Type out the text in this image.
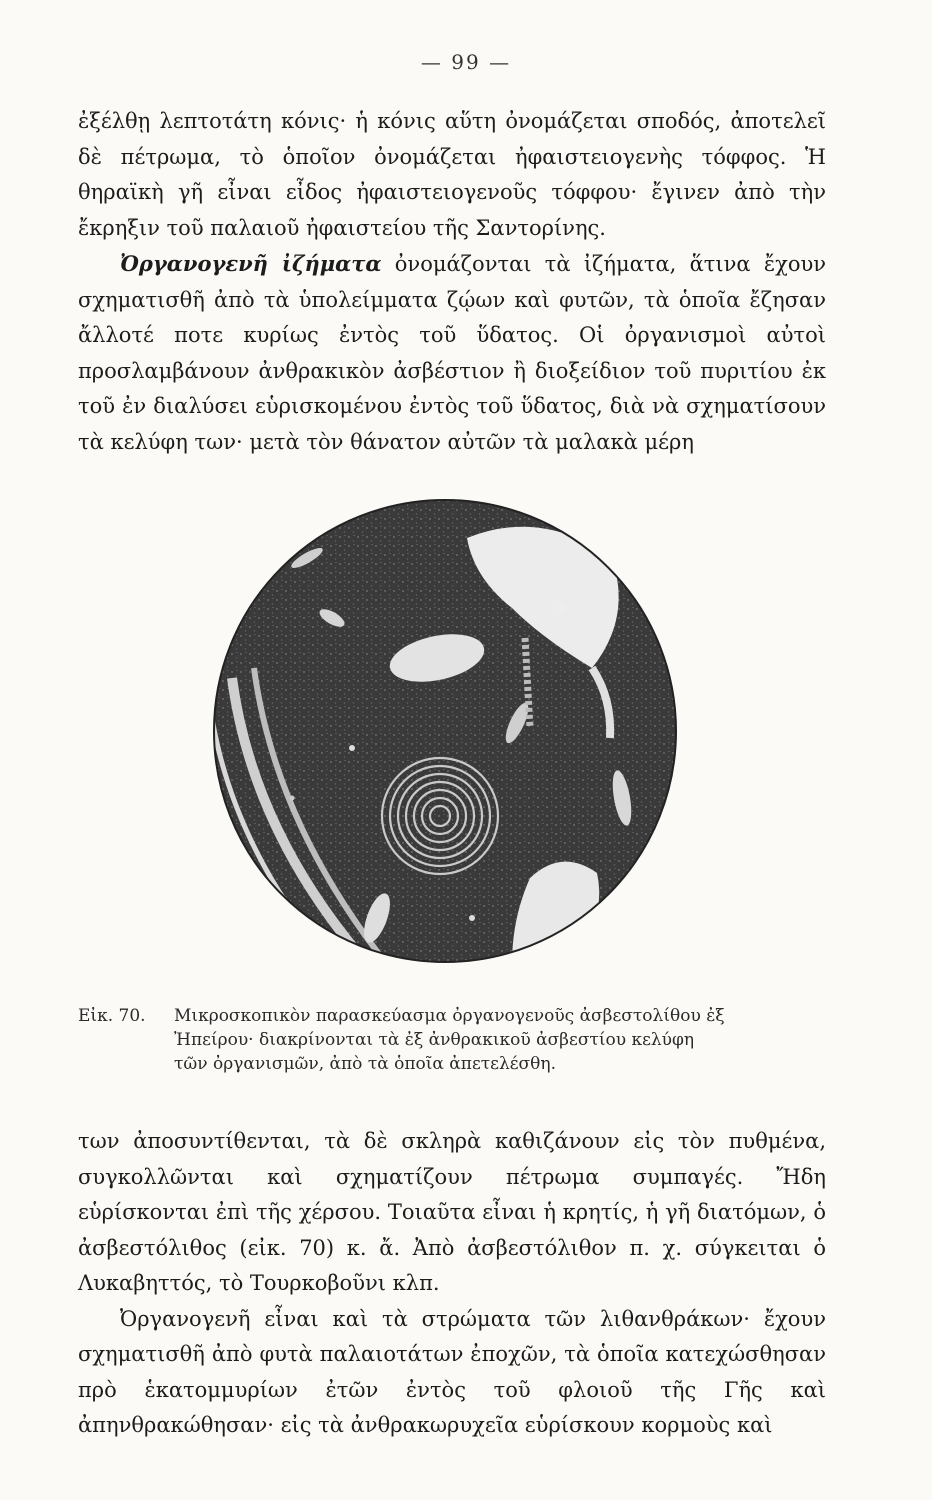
— 99 —

ἐξέλθῃ λεπτοτάτη κόνις· ἡ κόνις αὕτη ὀνομάζεται σποδός, ἀποτελεῖ δὲ πέτρωμα, τὸ ὁποῖον ὀνομάζεται ἠφαιστειογενὴς τόφφος. Ἡ θηραϊκὴ γῆ εἶναι εἶδος ἠφαιστειογενοῦς τόφφου· ἔγινεν ἀπὸ τὴν ἔκρηξιν τοῦ παλαιοῦ ἠφαιστείου τῆς Σαντορίνης.

Ὀργανογενῆ ἰζήματα ὀνομάζονται τὰ ἰζήματα, ἅτινα ἔχουν σχηματισθῆ ἀπὸ τὰ ὑπολείμματα ζῴων καὶ φυτῶν, τὰ ὁποῖα ἔζησαν ἄλλοτέ ποτε κυρίως ἐντὸς τοῦ ὕδατος. Οἱ ὀργανισμοὶ αὐτοὶ προσλαμβάνουν ἀνθρακικὸν ἀσβέστιον ἢ διοξείδιον τοῦ πυριτίου ἐκ τοῦ ἐν διαλύσει εὑρισκομένου ἐντὸς τοῦ ὕδατος, διὰ νὰ σχηματίσουν τὰ κελύφη των· μετὰ τὸν θάνατον αὐτῶν τὰ μαλακὰ μέρη

Εἰκ. 70. Μικροσκοπικὸν παρασκεύασμα ὀργανογενοῦς ἀσβεστολίθου ἐξ
Ἠπείρου· διακρίνονται τὰ ἐξ ἀνθρακικοῦ ἀσβεστίου κελύφη
τῶν ὀργανισμῶν, ἀπὸ τὰ ὁποῖα ἀπετελέσθη.

των ἀποσυντίθενται, τὰ δὲ σκληρὰ καθιζάνουν εἰς τὸν πυθμένα, συγκολλῶνται καὶ σχηματίζουν πέτρωμα συμπαγές. Ἤδη εὑρίσκονται ἐπὶ τῆς χέρσου. Τοιαῦτα εἶναι ἡ κρητίς, ἡ γῆ διατόμων, ὁ ἀσβεστόλιθος (εἰκ. 70) κ. ἄ. Ἀπὸ ἀσβεστόλιθον π. χ. σύγκειται ὁ Λυκαβηττός, τὸ Τουρκοβοῦνι κλπ.

Ὀργανογενῆ εἶναι καὶ τὰ στρώματα τῶν λιθανθράκων· ἔχουν σχηματισθῆ ἀπὸ φυτὰ παλαιοτάτων ἐποχῶν, τὰ ὁποῖα κατεχώσθησαν πρὸ ἑκατομμυρίων ἐτῶν ἐντὸς τοῦ φλοιοῦ τῆς Γῆς καὶ ἀπηνθρακώθησαν· εἰς τὰ ἀνθρακωρυχεῖα εὑρίσκουν κορμοὺς καὶ
